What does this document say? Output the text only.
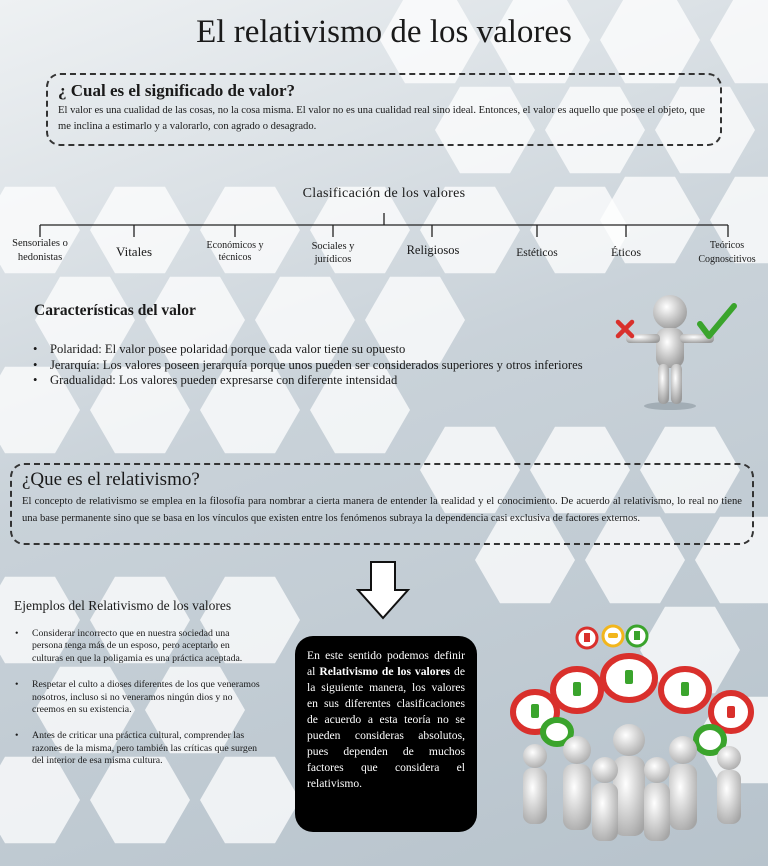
El relativismo de los valores
¿ Cual es el significado de valor?
El valor es una cualidad de las cosas, no la cosa misma. El valor no es una cualidad real sino ideal. Entonces, el valor es aquello que posee el objeto, que me inclina a estimarlo y a valorarlo, con agrado o desagrado.
Clasificación de los valores
Sensoriales o
hedonistas	Vitales	Económicos y
técnicos
Sociales y
jurídicos
Religiosos	Estéticos	Éticos	Teóricos
Cognoscitivos
Características del valor
• Polaridad: El valor posee polaridad porque cada valor tiene su opuesto
• Jerarquía: Los valores poseen jerarquía porque unos pueden ser considerados superiores y otros inferiores
• Gradualidad: Los valores pueden expresarse con diferente intensidad
¿Que es el relativismo?
El concepto de relativismo se emplea en la filosofía para nombrar a cierta manera de entender la realidad y el conocimiento. De acuerdo al relativismo, lo real no tiene una base permanente sino que se basa en los vínculos que existen entre los fenómenos subraya la dependencia casi exclusiva de factores externos.
Ejemplos del Relativismo de los valores
• Considerar incorrecto que en nuestra sociedad una persona tenga más de un esposo, pero aceptarlo en culturas en que la poligamia es una práctica aceptada.
• Respetar el culto a dioses diferentes de los que veneramos nosotros, incluso si no veneramos ningún dios y no creemos en su existencia.
• Antes de criticar una práctica cultural, comprender las razones de la misma, pero también las críticas que surgen del interior de esa misma cultura.
En este sentido podemos definir al Relativismo de los valores de la siguiente manera, los valores en sus diferentes clasificaciones de acuerdo a esta teoría no se pueden consideras absolutos, pues dependen de muchos factores que considera el relativismo.
